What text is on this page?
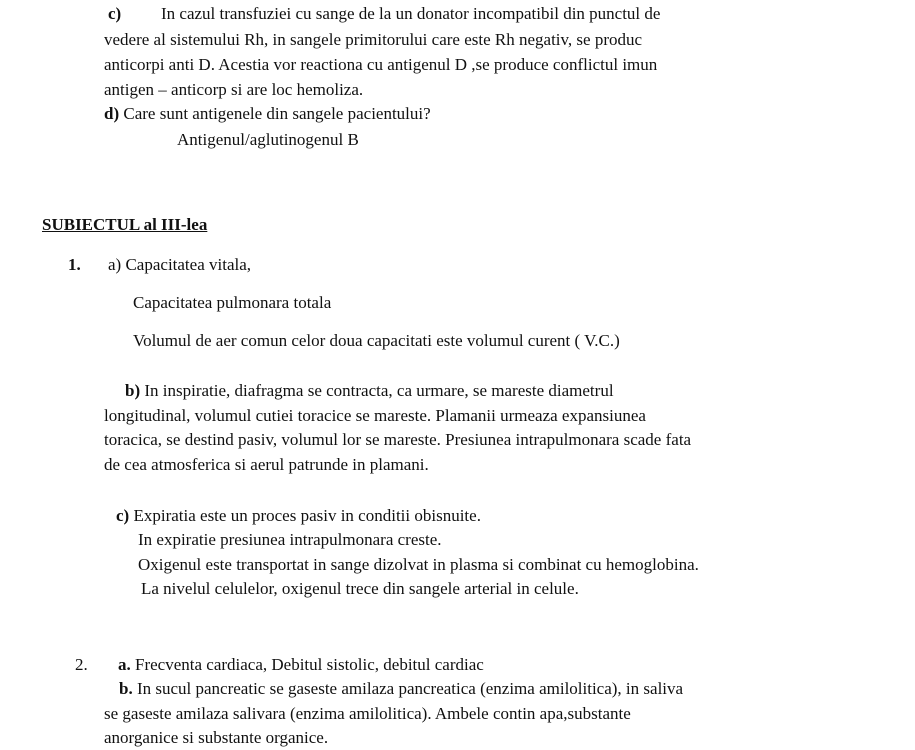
c) In cazul transfuziei cu sange de la un donator incompatibil din punctul de
vedere al sistemului Rh, in sangele primitorului care este Rh negativ, se produc
anticorpi anti D. Acestia vor reactiona cu antigenul D ,se produce conflictul imun
antigen – anticorp si are loc hemoliza.
d) Care sunt antigenele din sangele pacientului?
Antigenul/aglutinogenul B
SUBIECTUL al III-lea
1. a) Capacitatea vitala,
Capacitatea pulmonara totala
Volumul de aer comun celor doua capacitati este volumul curent ( V.C.)
b) In inspiratie, diafragma se contracta, ca urmare, se mareste diametrul
longitudinal, volumul cutiei toracice se mareste. Plamanii urmeaza expansiunea
toracica, se destind pasiv, volumul lor se mareste. Presiunea intrapulmonara scade fata
de cea atmosferica si aerul patrunde in plamani.
c) Expiratia este un proces pasiv in conditii obisnuite.
In expiratie presiunea intrapulmonara creste.
Oxigenul este transportat in sange dizolvat in plasma si combinat cu hemoglobina.
La nivelul celulelor, oxigenul trece din sangele arterial in celule.
2. a. Frecventa cardiaca, Debitul sistolic, debitul cardiac
b. In sucul pancreatic se gaseste amilaza pancreatica (enzima amilolitica), in saliva
se gaseste amilaza salivara (enzima amilolitica). Ambele contin apa,substante
anorganice si substante organice.
